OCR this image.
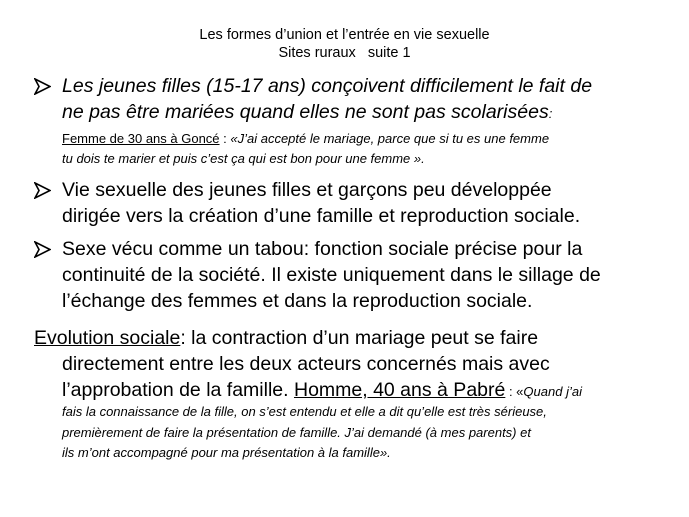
Les formes d’union et l’entrée en vie sexuelle
Sites ruraux suite 1
Les jeunes filles (15-17 ans) conçoivent difficilement le fait de
ne pas être mariées quand elles ne sont pas scolarisées:
Femme de 30 ans à Goncé : «J’ai accepté le mariage, parce que si tu es une femme
tu dois te marier et puis c’est ça qui est bon pour une femme ».
Vie sexuelle des jeunes filles et garçons peu développée
dirigée vers la création d’une famille et reproduction sociale.
Sexe vécu comme un tabou: fonction sociale précise pour la
continuité de la société. Il existe uniquement dans le sillage de
l’échange des femmes et dans la reproduction sociale.
Evolution sociale: la contraction d’un mariage peut se faire
directement entre les deux acteurs concernés mais avec
l’approbation de la famille. Homme, 40 ans à Pabré : «Quand j’ai
fais la connaissance de la fille, on s’est entendu et elle a dit qu’elle est très sérieuse,
premièrement de faire la présentation de famille. J’ai demandé (à mes parents) et
ils m’ont accompagné pour ma présentation à la famille».
